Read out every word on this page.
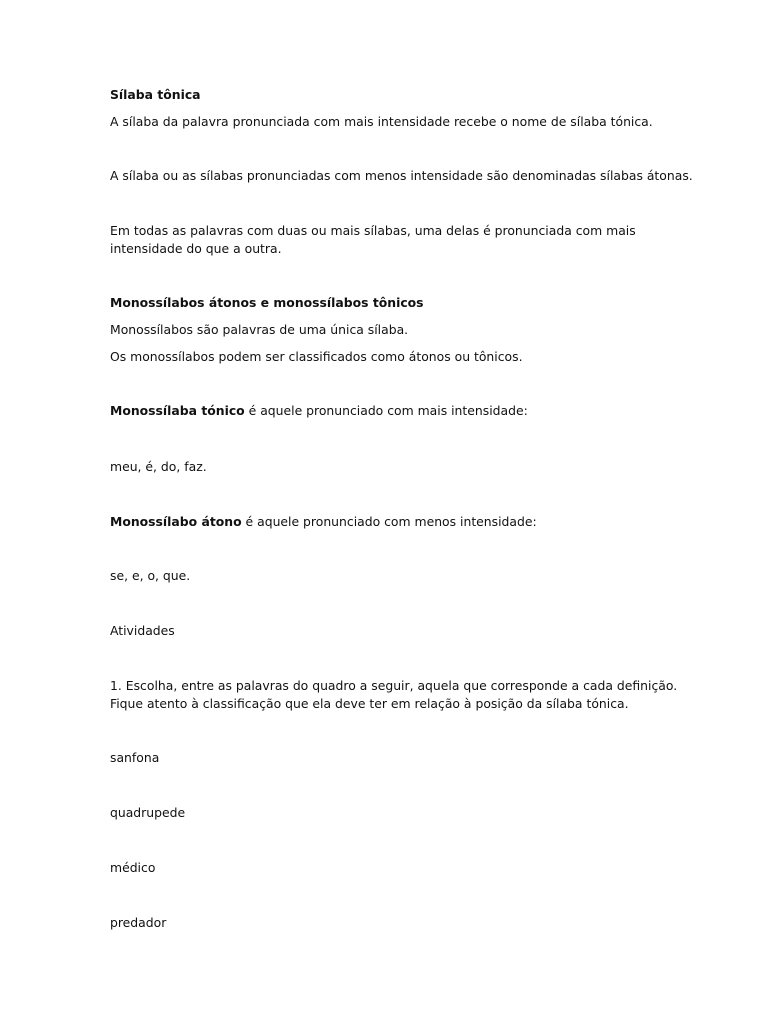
Sílaba tônica

A sílaba da palavra pronunciada com mais intensidade recebe o nome de sílaba tónica.

A sílaba ou as sílabas pronunciadas com menos intensidade são denominadas sílabas átonas.

Em todas as palavras com duas ou mais sílabas, uma delas é pronunciada com mais

intensidade do que a outra.

Monossílabos átonos e monossílabos tônicos

Monossílabos são palavras de uma única sílaba.

Os monossílabos podem ser classificados como átonos ou tônicos.

Monossílaba tónico é aquele pronunciado com mais intensidade:

meu, é, do, faz.

Monossílabo átono é aquele pronunciado com menos intensidade:

se, e, o, que.

Atividades

1. Escolha, entre as palavras do quadro a seguir, aquela que corresponde a cada definição.

Fique atento à classificação que ela deve ter em relação à posição da sílaba tónica.

sanfona

quadrupede

médico

predador
